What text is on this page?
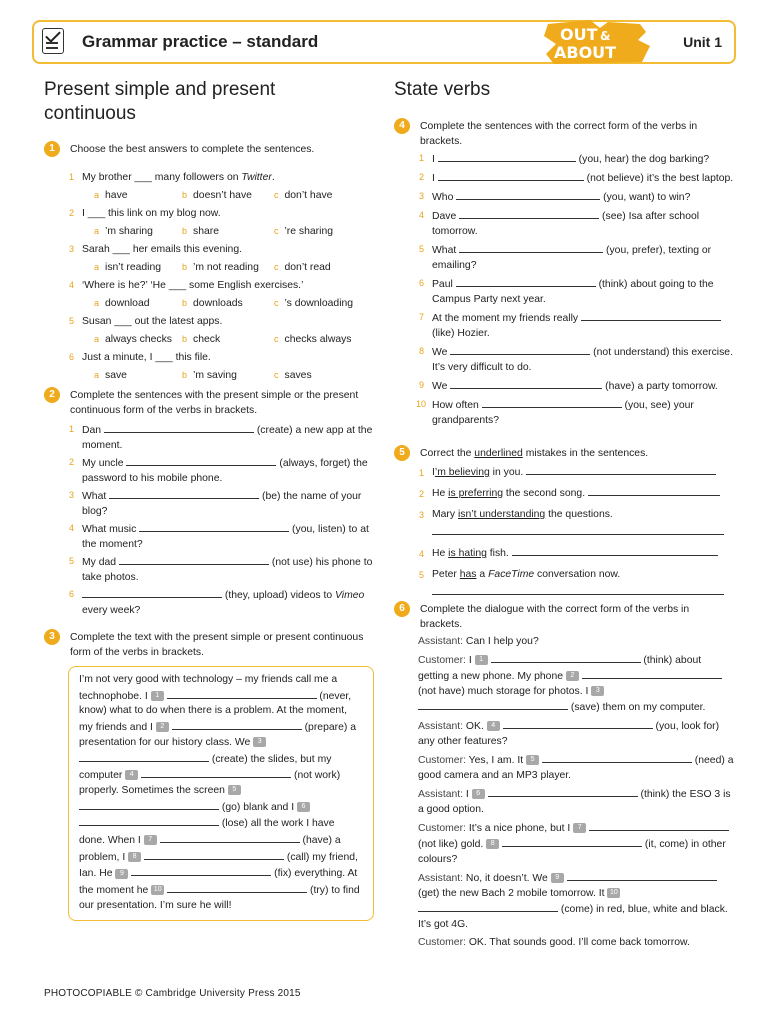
Grammar practice – standard	OUT &
ABOUT
Unit 1
Present simple and present continuous
State verbs
1	Choose the best answers to complete the sentences.
1 My brother ___ many followers on Twitter.
a have	b doesn’t have c don’t have
2 I ___ this link on my blog now.
a ’m sharing	b share	c ’re sharing
3 Sarah ___ her emails this evening.
a isn’t reading b ’m not reading c don’t read
4 ‘Where is he?’ ‘He ___ some English exercises.’
a download	b downloads	c ’s downloading
5 Susan ___ out the latest apps.
a always checks b check	c checks always
6 Just a minute, I ___ this file.
a save	b ’m saving	c saves
2	Complete the sentences with the present simple or the present continuous form of the verbs in brackets.
1 Dan	(create) a new app at the moment.
2 My uncle	(always, forget) the password to his mobile phone.
3 What	(be) the name of your blog?
4 What music	(you, listen) to at the moment?
5 My dad	(not use) his phone to take photos.
6	(they, upload) videos to Vimeo every week?
3	Complete the text with the present simple or present continuous form of the verbs in brackets.
I’m not very good with technology – my friends call me a technophobe. I 1	(never, know) what to do when there is a problem. At the moment, my friends and I 2	(prepare) a presentation for our history class. We 3  (create) the slides, but my computer 4	(not work) properly. Sometimes the screen 5  (go) blank and I 6  (lose) all the work I have done. When I 7	(have) a problem, I 8	(call) my friend, Ian. He 9	(fix) everything. At the moment he 10	(try) to find our presentation. I’m sure he will!
4	Complete the sentences with the correct form of the verbs in brackets.
1 I	(you, hear) the dog barking?
2 I	(not believe) it’s the best laptop.
3 Who	(you, want) to win?
4 Dave	(see) Isa after school tomorrow.
5 What	(you, prefer), texting or emailing?
6 Paul	(think) about going to the Campus Party next year.
7 At the moment my friends really  (like) Hozier.
8 We	(not understand) this exercise. It’s very difficult to do.
9 We	(have) a party tomorrow.
10 How often	(you, see) your grandparents?
5	Correct the underlined mistakes in the sentences.
1 I’m believing in you.
2 He is preferring the second song.
3 Mary isn’t understanding the questions.

4 He is hating fish.
5 Peter has a FaceTime conversation now.

6	Complete the dialogue with the correct form of the verbs in brackets.
Assistant: Can I help you?
Customer: I 1	(think) about getting a new phone. My phone 2  (not have) much storage for photos. I 3  (save) them on my computer.
Assistant: OK. 4	(you, look for) any other features?
Customer: Yes, I am. It 5	(need) a good camera and an MP3 player.
Assistant: I 6	(think) the ESO 3 is a good option.
Customer: It’s a nice phone, but I 7  (not like) gold. 8	(it, come) in other colours?
Assistant: No, it doesn’t. We 9  (get) the new Bach 2 mobile tomorrow. It 10  (come) in red, blue, white and black. It’s got 4G.
Customer: OK. That sounds good. I’ll come back tomorrow.
PHOTOCOPIABLE © Cambridge University Press 2015
